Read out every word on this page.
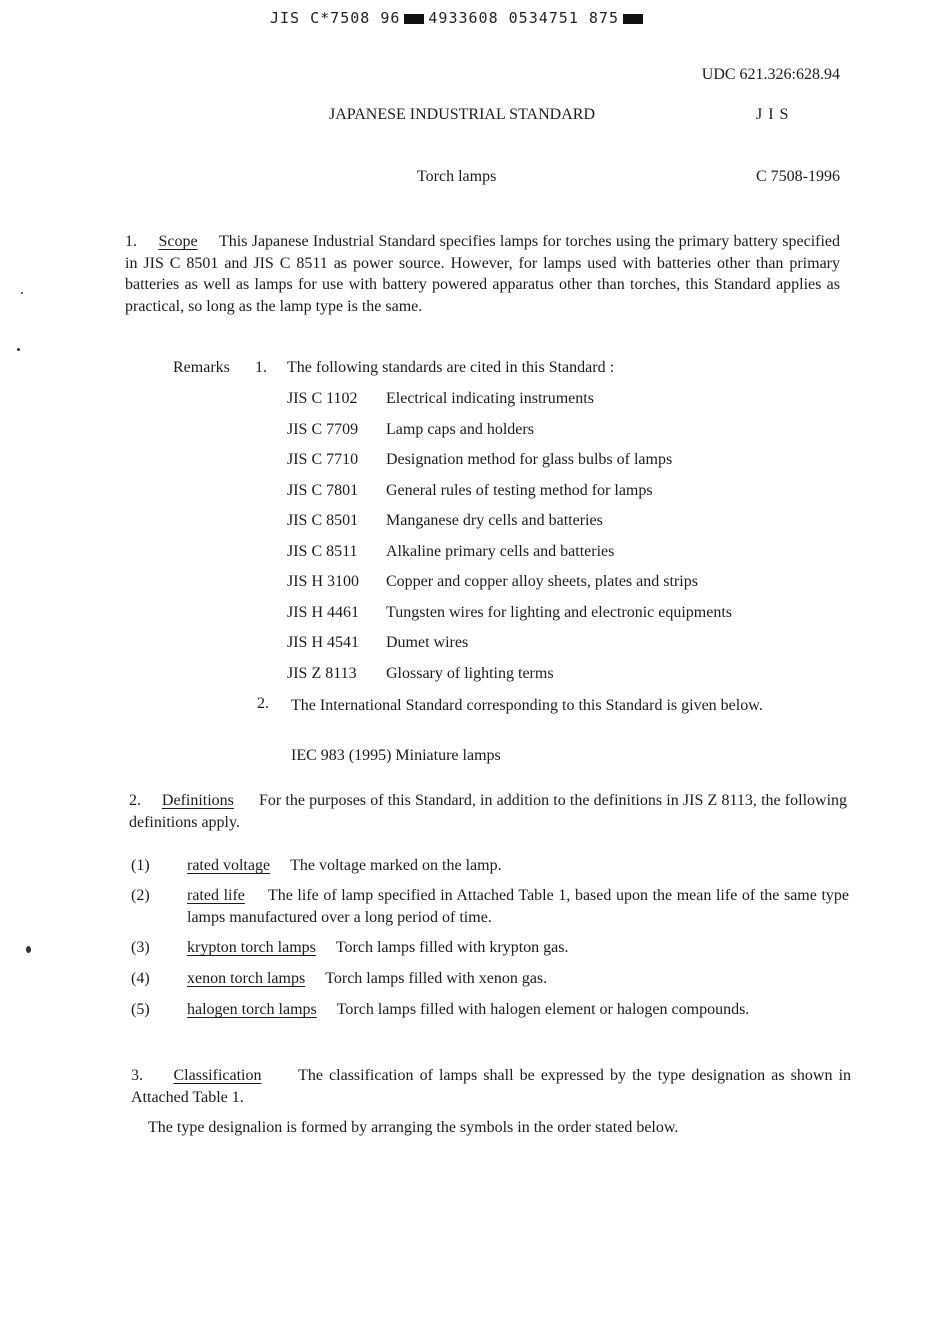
JIS C*7508 96 4933608 0534751 875
UDC 621.326:628.94
JAPANESE INDUSTRIAL STANDARD	J I S
Torch lamps	C 7508-1996
1. Scope This Japanese Industrial Standard specifies lamps for torches using the primary battery specified in JIS C 8501 and JIS C 8511 as power source. However, for lamps used with batteries other than primary batteries as well as lamps for use with battery powered apparatus other than torches, this Standard applies as practical, so long as the lamp type is the same.
Remarks 1. The following standards are cited in this Standard :
JIS C 1102 Electrical indicating instruments
JIS C 7709 Lamp caps and holders
JIS C 7710 Designation method for glass bulbs of lamps
JIS C 7801 General rules of testing method for lamps
JIS C 8501 Manganese dry cells and batteries
JIS C 8511 Alkaline primary cells and batteries
JIS H 3100 Copper and copper alloy sheets, plates and strips
JIS H 4461 Tungsten wires for lighting and electronic equipments
JIS H 4541 Dumet wires
JIS Z 8113 Glossary of lighting terms
2. The International Standard corresponding to this Standard is given below.
IEC 983 (1995) Miniature lamps
2. Definitions For the purposes of this Standard, in addition to the definitions in JIS Z 8113, the following definitions apply.
(1) rated voltage The voltage marked on the lamp.
(2) rated life The life of lamp specified in Attached Table 1, based upon the mean life of the same type lamps manufactured over a long period of time.
(3) krypton torch lamps Torch lamps filled with krypton gas.
(4) xenon torch lamps Torch lamps filled with xenon gas.
(5) halogen torch lamps Torch lamps filled with halogen element or halogen compounds.
3. Classification The classification of lamps shall be expressed by the type designation as shown in Attached Table 1.
The type designalion is formed by arranging the symbols in the order stated below.
